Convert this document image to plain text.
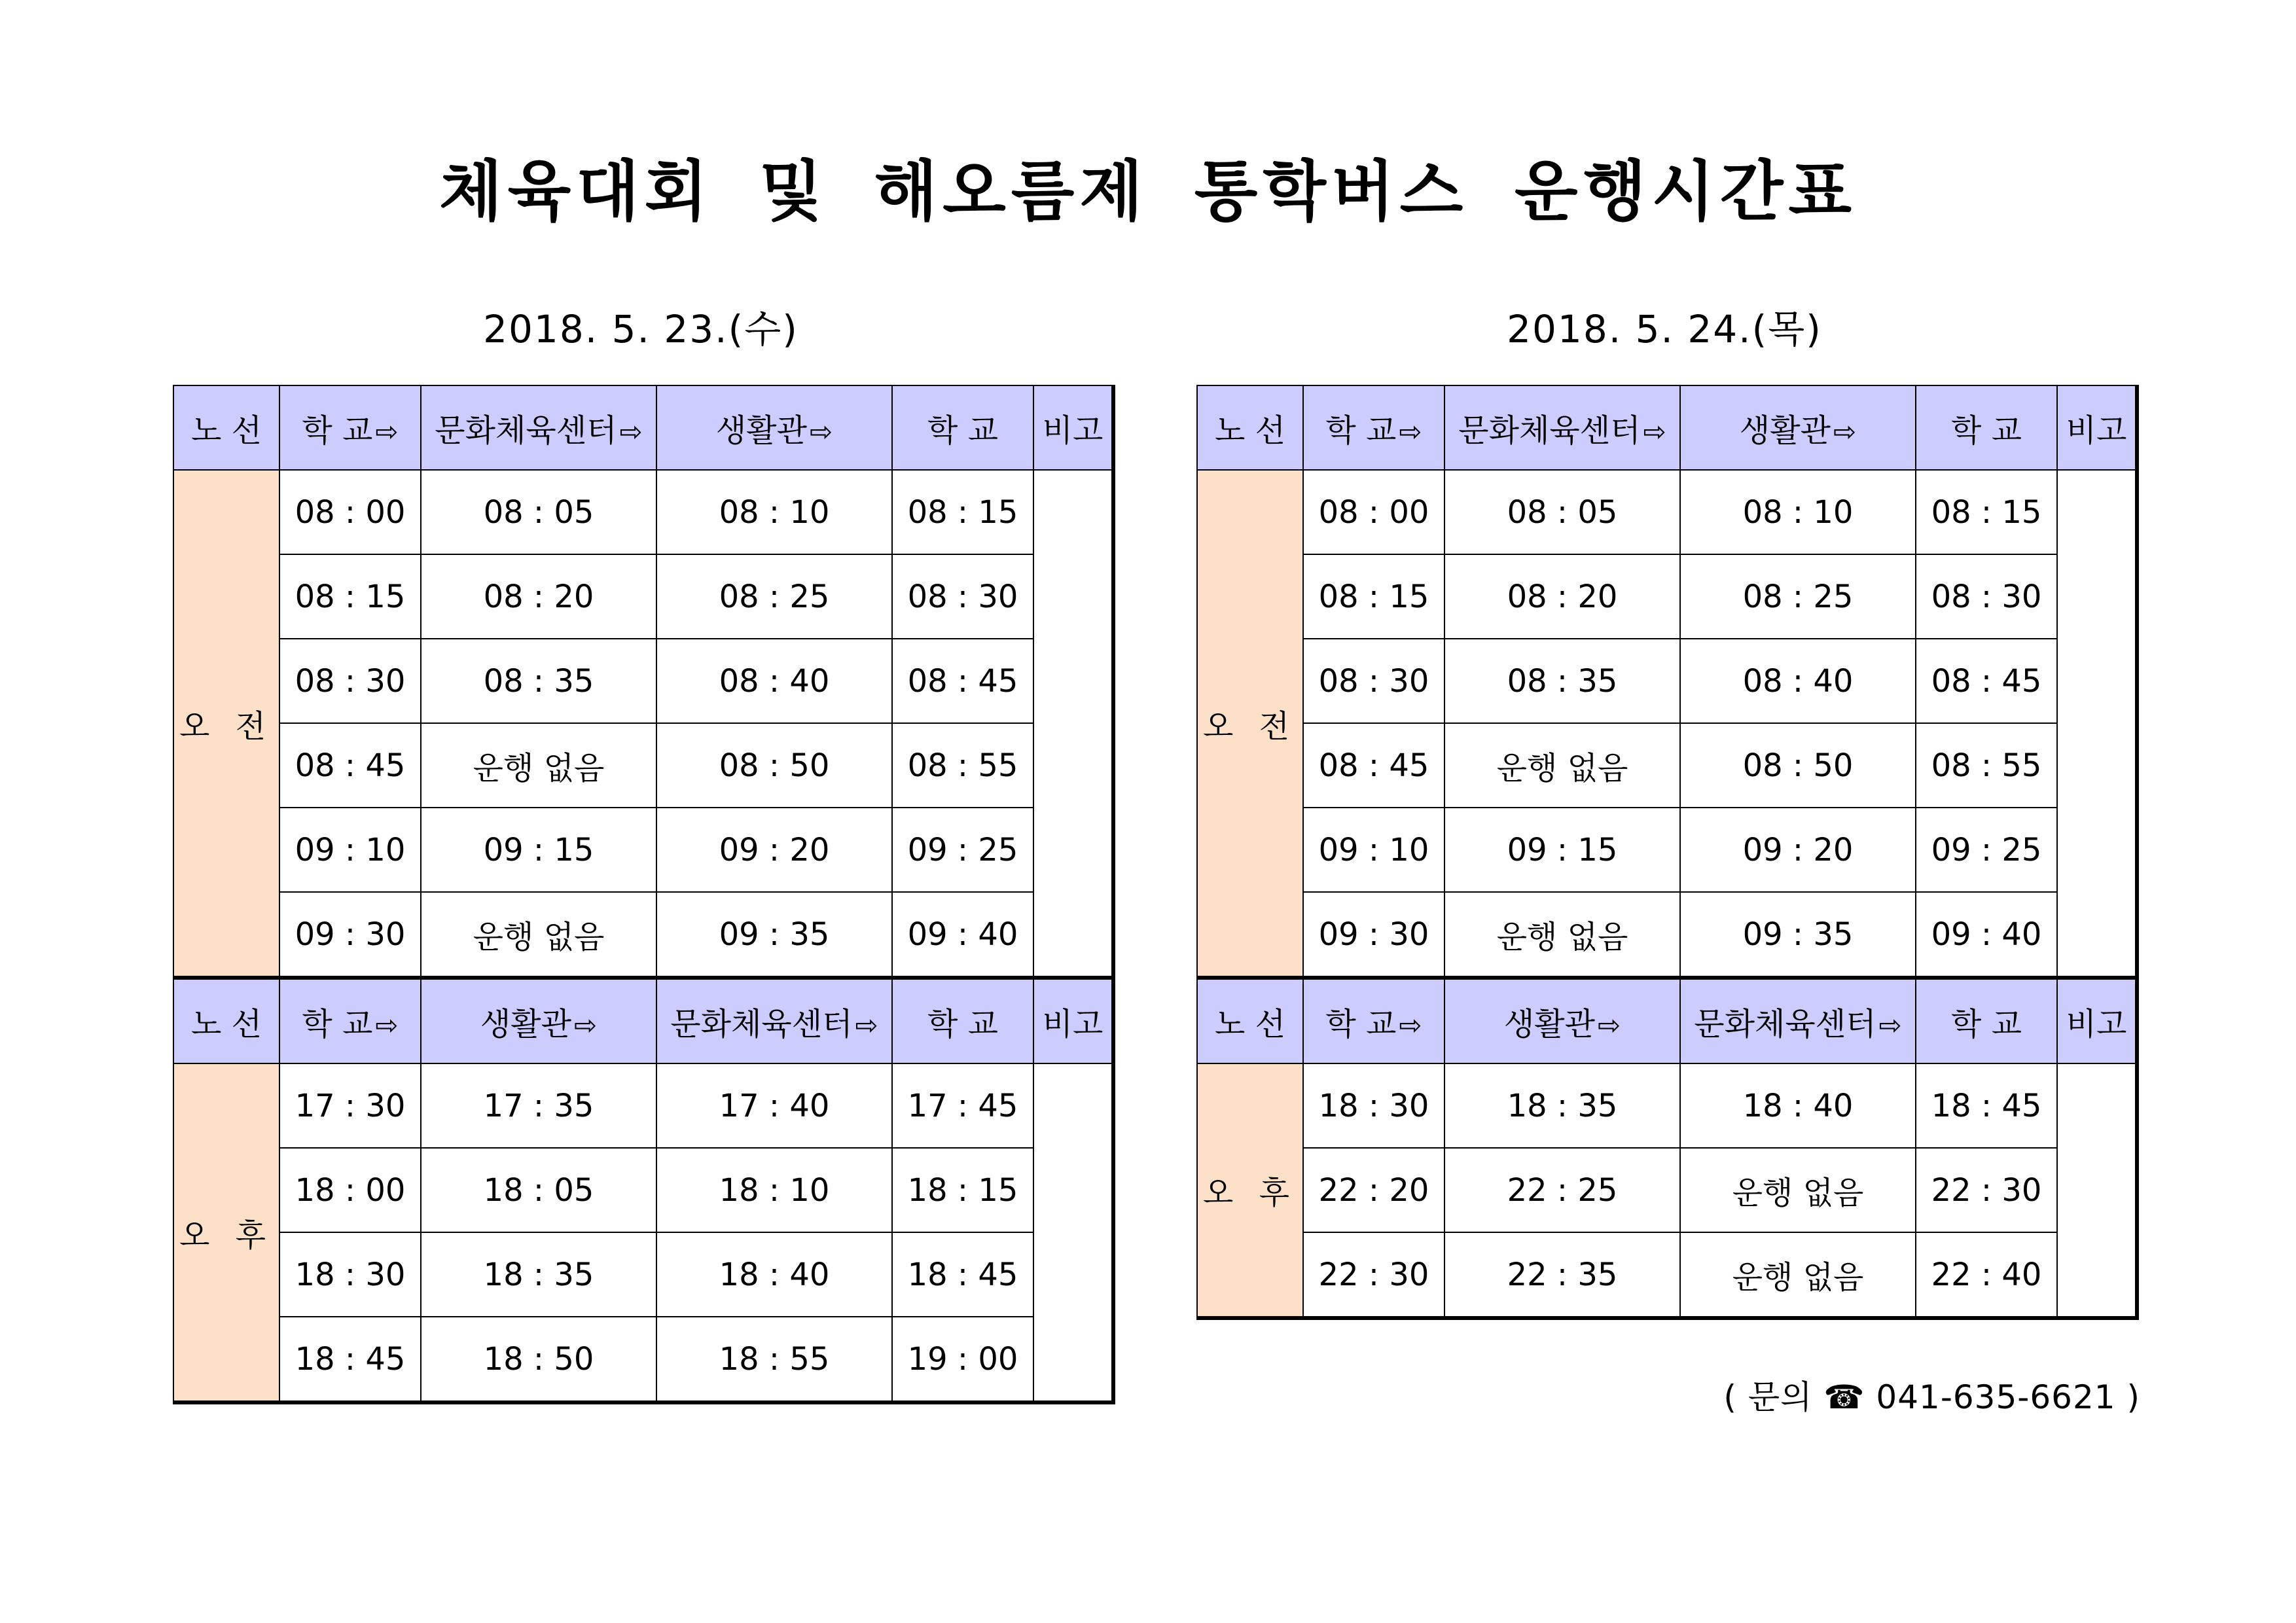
체육대회 및 해오름제 통학버스 운행시간표
2018. 5. 23.(수)	2018. 5. 24.(목)
노 선	학 교⇨	문화체육센터⇨	생활관⇨	학 교	비고
오 전	08 : 00	08 : 05	08 : 10	08 : 15	
	08 : 15	08 : 20	08 : 25	08 : 30	
	08 : 30	08 : 35	08 : 40	08 : 45	
	08 : 45	운행 없음	08 : 50	08 : 55	
	09 : 10	09 : 15	09 : 20	09 : 25	
	09 : 30	운행 없음	09 : 35	09 : 40	
노 선	학 교⇨	생활관⇨	문화체육센터⇨	학 교	비고
오 후	17 : 30	17 : 35	17 : 40	17 : 45	
	18 : 00	18 : 05	18 : 10	18 : 15	
	18 : 30	18 : 35	18 : 40	18 : 45	
	18 : 45	18 : 50	18 : 55	19 : 00	
노 선	학 교⇨	문화체육센터⇨	생활관⇨	학 교	비고
오 전	08 : 00	08 : 05	08 : 10	08 : 15	
	08 : 15	08 : 20	08 : 25	08 : 30	
	08 : 30	08 : 35	08 : 40	08 : 45	
	08 : 45	운행 없음	08 : 50	08 : 55	
	09 : 10	09 : 15	09 : 20	09 : 25	
	09 : 30	운행 없음	09 : 35	09 : 40	
노 선	학 교⇨	생활관⇨	문화체육센터⇨	학 교	비고
오 후	18 : 30	18 : 35	18 : 40	18 : 45	
	22 : 20	22 : 25	운행 없음	22 : 30	
	22 : 30	22 : 35	운행 없음	22 : 40	
( 문의 ☎ 041-635-6621 )
